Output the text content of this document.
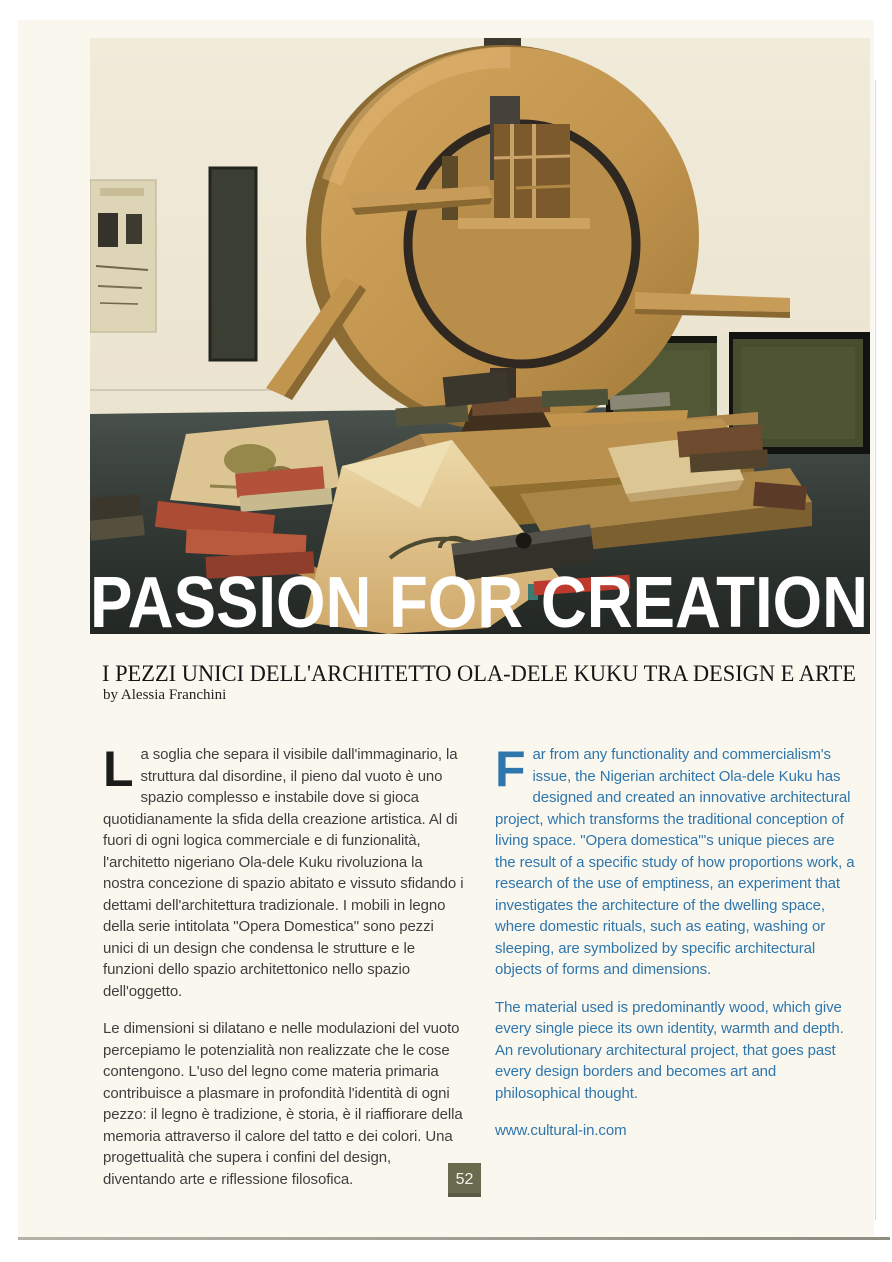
PASSION FOR CREATION
I PEZZI UNICI DELL'ARCHITETTO OLA-DELE KUKU TRA DESIGN E ARTE
by Alessia Franchini

La soglia che separa il visibile dall'immaginario, la struttura dal disordine, il pieno dal vuoto è uno spazio complesso e instabile dove si gioca quotidianamente la sfida della creazione artistica. Al di fuori di ogni logica commerciale e di funzionalità, l'architetto nigeriano Ola-dele Kuku rivoluziona la nostra concezione di spazio abitato e vissuto sfidando i dettami dell'architettura tradizionale. I mobili in legno della serie intitolata "Opera Domestica" sono pezzi unici di un design che condensa le strutture e le funzioni dello spazio architettonico nello spazio dell'oggetto.

Le dimensioni si dilatano e nelle modulazioni del vuoto percepiamo le potenzialità non realizzate che le cose contengono. L'uso del legno come materia primaria contribuisce a plasmare in profondità l'identità di ogni pezzo: il legno è tradizione, è storia, è il riaffiorare della memoria attraverso il calore del tatto e dei colori. Una progettualità che supera i confini del design, diventando arte e riflessione filosofica.

Far from any functionality and commercialism's issue, the Nigerian architect Ola-dele Kuku has designed and created an innovative architectural project, which transforms the traditional conception of living space. "Opera domestica"'s unique pieces are the result of a specific study of how proportions work, a research of the use of emptiness, an experiment that investigates the architecture of the dwelling space, where domestic rituals, such as eating, washing or sleeping, are symbolized by specific architectural objects of forms and dimensions.

The material used is predominantly wood, which give every single piece its own identity, warmth and depth. An revolutionary architectural project, that goes past every design borders and becomes art and philosophical thought.

www.cultural-in.com
52
